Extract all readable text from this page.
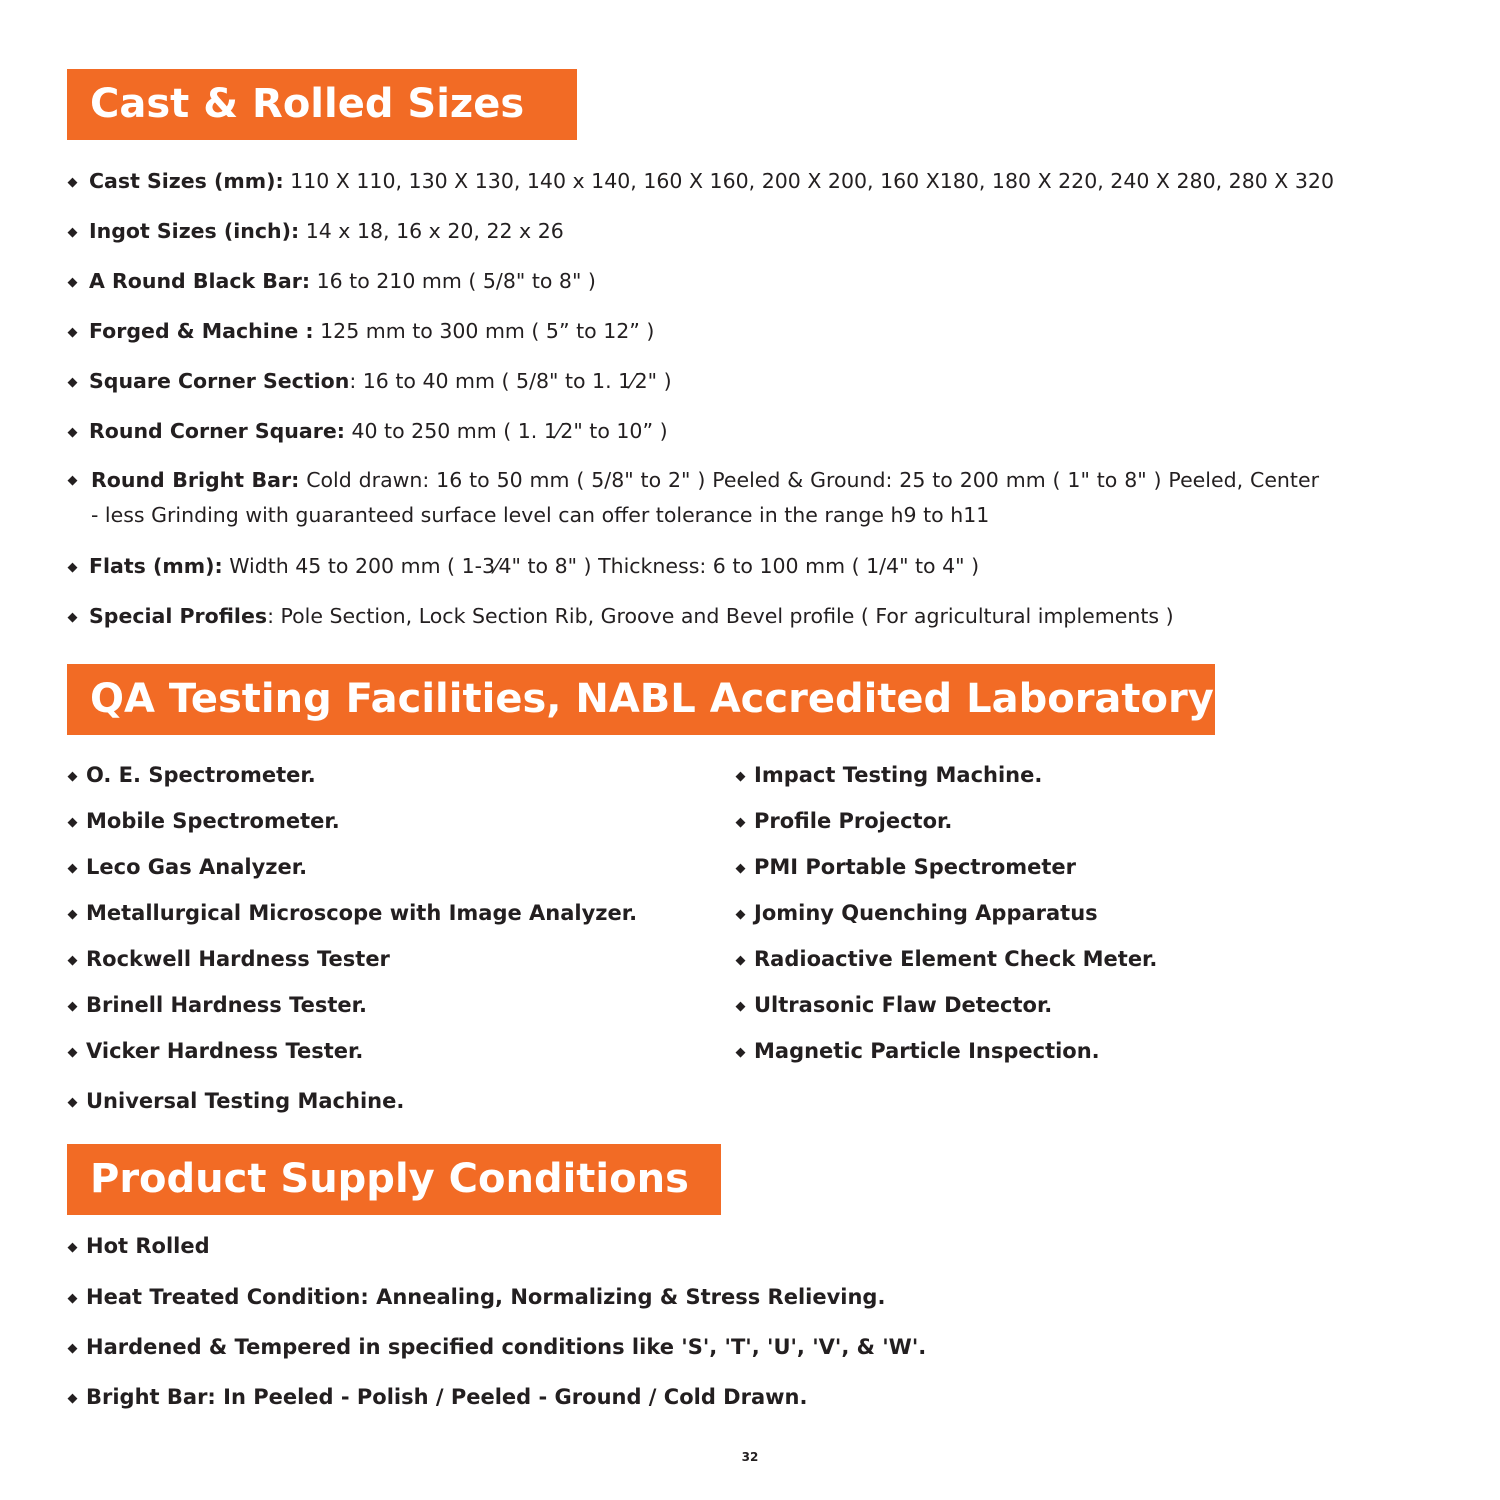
Cast & Rolled Sizes
◆ Cast Sizes (mm): 110 X 110, 130 X 130, 140 x 140, 160 X 160, 200 X 200, 160 X180, 180 X 220, 240 X 280, 280 X 320
◆ Ingot Sizes (inch): 14 x 18, 16 x 20, 22 x 26
◆ A Round Black Bar: 16 to 210 mm ( 5/8" to 8" )
◆ Forged & Machine : 125 mm to 300 mm ( 5” to 12” )
◆ Square Corner Section: 16 to 40 mm ( 5/8" to 1. 1⁄2" )
◆ Round Corner Square: 40 to 250 mm ( 1. 1⁄2" to 10” )
◆ Round Bright Bar: Cold drawn: 16 to 50 mm ( 5/8" to 2" ) Peeled & Ground: 25 to 200 mm ( 1" to 8" ) Peeled, Center - less Grinding with guaranteed surface level can offer tolerance in the range h9 to h11
◆ Flats (mm): Width 45 to 200 mm ( 1-3⁄4" to 8" ) Thickness: 6 to 100 mm ( 1/4" to 4" )
◆ Special Profiles: Pole Section, Lock Section Rib, Groove and Bevel profile ( For agricultural implements )
QA Testing Facilities, NABL Accredited Laboratory
◆ O. E. Spectrometer.
◆ Mobile Spectrometer.
◆ Leco Gas Analyzer.
◆ Metallurgical Microscope with Image Analyzer.
◆ Rockwell Hardness Tester
◆ Brinell Hardness Tester.
◆ Vicker Hardness Tester.
◆ Universal Testing Machine.
◆ Impact Testing Machine.
◆ Profile Projector.
◆ PMI Portable Spectrometer
◆ Jominy Quenching Apparatus
◆ Radioactive Element Check Meter.
◆ Ultrasonic Flaw Detector.
◆ Magnetic Particle Inspection.
Product Supply Conditions
◆ Hot Rolled
◆ Heat Treated Condition: Annealing, Normalizing & Stress Relieving.
◆ Hardened & Tempered in specified conditions like 'S', 'T', 'U', 'V', & 'W'.
◆ Bright Bar: In Peeled - Polish / Peeled - Ground / Cold Drawn.
32
